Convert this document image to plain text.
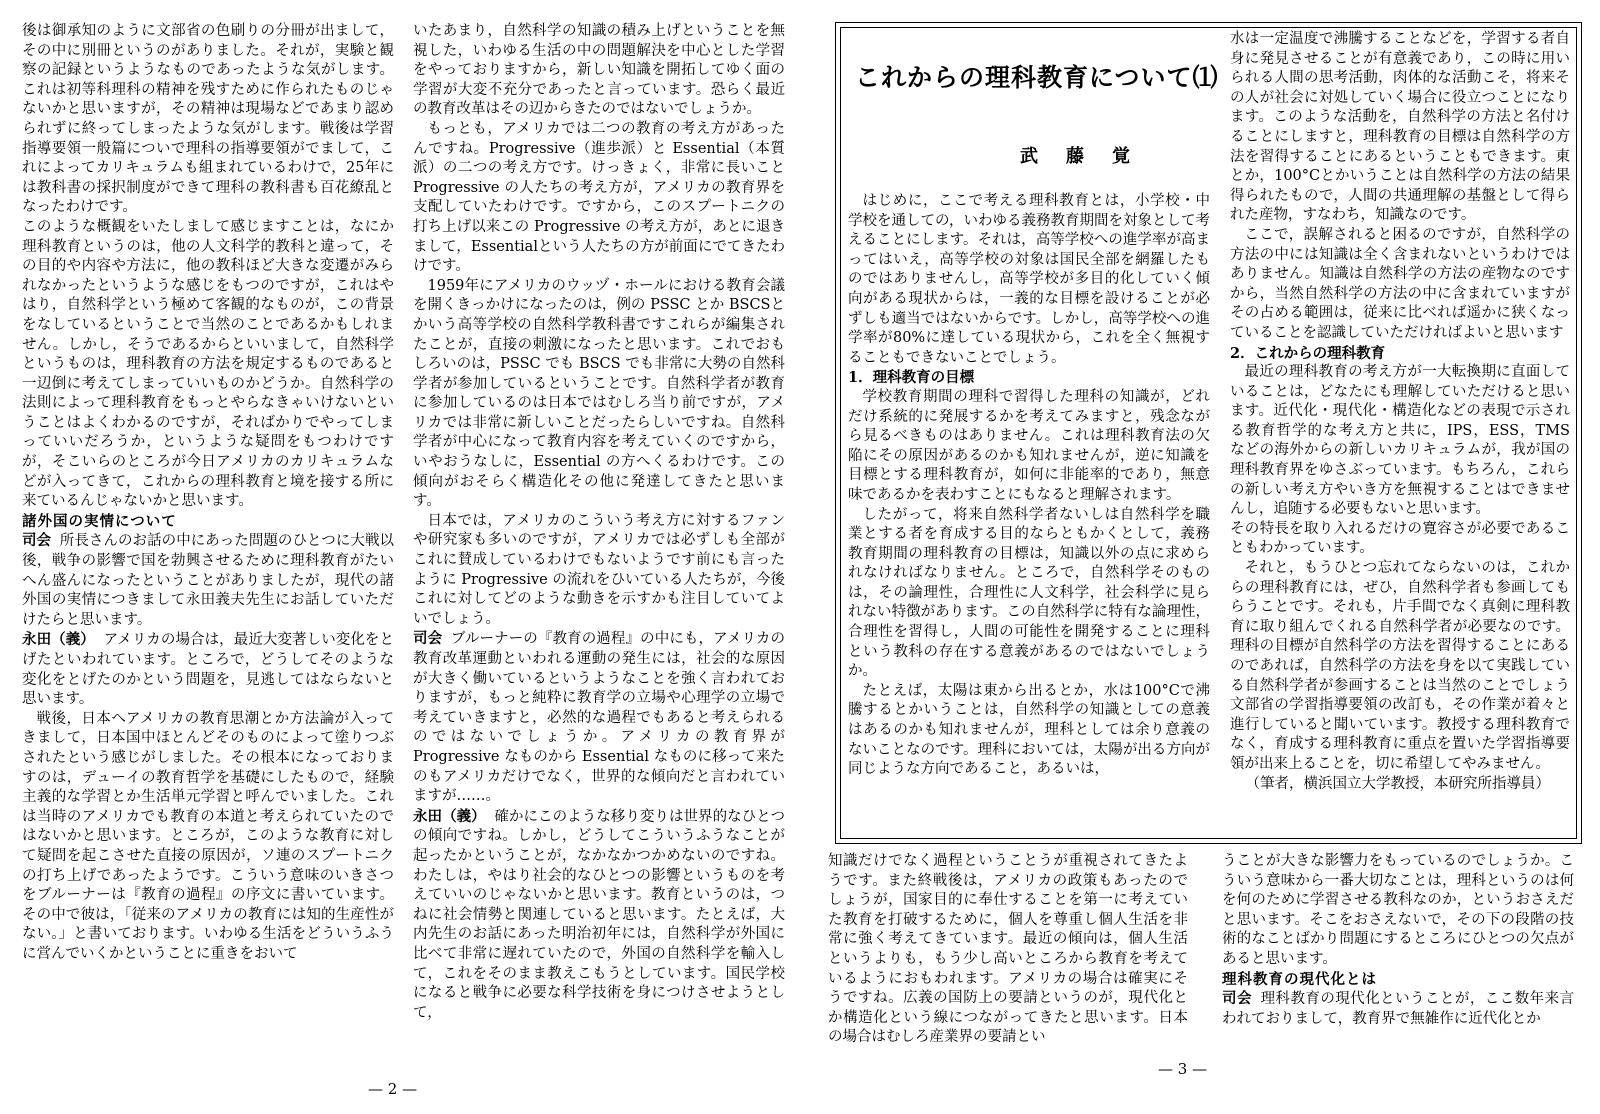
後は御承知のように文部省の色刷りの分冊が出まして，その中に別冊というのがありました。それが，実験と観察の記録というようなものであったような気がします。これは初等科理科の精神を残すために作られたものじゃないかと思いますが，その精神は現場などであまり認められずに終ってしまったような気がします。戦後は学習指導要領一般篇についで理科の指導要領がでまして，これによってカリキュラムも組まれているわけで，25年には教科書の採択制度ができて理科の教科書も百花繚乱となったわけです。

このような概観をいたしまして感じますことは，なにか理科教育というのは，他の人文科学的教科と違って，その目的や内容や方法に，他の教科ほど大きな変遷がみられなかったというような感じをもつのですが，これはやはり，自然科学という極めて客観的なものが，この背景をなしているということで当然のことであるかもしれません。しかし，そうであるからといいまして，自然科学というものは，理科教育の方法を規定するものであると一辺倒に考えてしまっていいものかどうか。自然科学の法則によって理科教育をもっとやらなきゃいけないということはよくわかるのですが，そればかりでやってしまっていいだろうか，というような疑問をもつわけですが，そこいらのところが今日アメリカのカリキュラムなどが入ってきて，これからの理科教育と境を接する所に来ているんじゃないかと思います。

諸外国の実情について

司会 所長さんのお話の中にあった問題のひとつに大戦以後，戦争の影響で国を勃興させるために理科教育がたいへん盛んになったということがありましたが，現代の諸外国の実情につきまして永田義夫先生にお話していただけたらと思います。

永田（義） アメリカの場合は，最近大変著しい変化をとげたといわれています。ところで，どうしてそのような変化をとげたのかという問題を，見逃してはならないと思います。

戦後，日本へアメリカの教育思潮とか方法論が入ってきまして，日本国中ほとんどそのものによって塗りつぶされたという感じがしました。その根本になっておりますのは，デューイの教育哲学を基礎にしたもので，経験主義的な学習とか生活単元学習と呼んでいました。これは当時のアメリカでも教育の本道と考えられていたのではないかと思います。ところが，このような教育に対して疑問を起こさせた直接の原因が，ソ連のスプートニクの打ち上げであったようです。こういう意味のいきさつをブルーナーは『教育の過程』の序文に書いています。その中で彼は，「従来のアメリカの教育には知的生産性がない。」と書いております。いわゆる生活をどういうふうに営んでいくかということに重きをおいて

いたあまり，自然科学の知識の積み上げということを無視した，いわゆる生活の中の問題解決を中心とした学習をやっておりますから，新しい知識を開拓してゆく面の学習が大変不充分であったと言っています。恐らく最近の教育改革はその辺からきたのではないでしょうか。

もっとも，アメリカでは二つの教育の考え方があったんですね。Progressive（進歩派）と Essential（本質派）の二つの考え方です。けっきょく，非常に長いこと Progressive の人たちの考え方が，アメリカの教育界を支配していたわけです。ですから，このスプートニクの打ち上げ以来この Progressive の考え方が，あとに退きまして，Essentialという人たちの方が前面にでてきたわけです。

1959年にアメリカのウッヅ・ホールにおける教育会議を開くきっかけになったのは，例の PSSC とか BSCSとかいう高等学校の自然科学教科書ですこれらが編集されたことが，直接の刺激になったと思います。これでおもしろいのは，PSSC でも BSCS でも非常に大勢の自然科学者が参加しているということです。自然科学者が教育に参加しているのは日本ではむしろ当り前ですが，アメリカでは非常に新しいことだったらしいですね。自然科学者が中心になって教育内容を考えていくのですから，いやおうなしに，Essential の方へくるわけです。この傾向がおそらく構造化その他に発達してきたと思います。

日本では，アメリカのこういう考え方に対するファンや研究家も多いのですが，アメリカでは必ずしも全部がこれに賛成しているわけでもないようです前にも言ったように Progressive の流れをひいている人たちが，今後これに対してどのような動きを示すかも注目していてよいでしょう。

司会 ブルーナーの『教育の過程』の中にも，アメリカの教育改革運動といわれる運動の発生には，社会的な原因が大きく働いているというようなことを強く言われておりますが，もっと純粋に教育学の立場や心理学の立場で考えていきますと，必然的な過程でもあると考えられるのではないでしょうか。アメリカの教育界が Progressive なものから Essential なものに移って来たのもアメリカだけでなく，世界的な傾向だと言われていますが……。

永田（義） 確かにこのような移り変りは世界的なひとつの傾向ですね。しかし，どうしてこういうふうなことが起ったかということが，なかなかつかめないのですね。わたしは，やはり社会的なひとつの影響というものを考えていいのじゃないかと思います。教育というのは，つねに社会情勢と関連していると思います。たとえば，大内先生のお話にあった明治初年には，自然科学が外国に比べて非常に遅れていたので，外国の自然科学を輸入して，これをそのまま教えこもうとしています。国民学校になると戦争に必要な科学技術を身につけさせようとして，

— 2 —
これからの理科教育について⑴
武藤覚

はじめに，ここで考える理科教育とは，小学校・中学校を通しての，いわゆる義務教育期間を対象として考えることにします。それは，高等学校への進学率が高まってはいえ，高等学校の対象は国民全部を網羅したものではありませんし，高等学校が多目的化していく傾向がある現状からは，一義的な目標を設けることが必ずしも適当ではないからです。しかし，高等学校への進学率が80%に達している現状から，これを全く無視することもできないことでしょう。

1．理科教育の目標

学校教育期間の理科で習得した理科の知識が，どれだけ系統的に発展するかを考えてみますと，残念ながら見るべきものはありません。これは理科教育法の欠陥にその原因があるのかも知れませんが，逆に知識を目標とする理科教育が，如何に非能率的であり，無意味であるかを表わすことにもなると理解されます。

したがって，将来自然科学者ないしは自然科学を職業とする者を育成する目的ならともかくとして，義務教育期間の理科教育の目標は，知識以外の点に求められなければなりません。ところで，自然科学そのものは，その論理性，合理性に人文科学，社会科学に見られない特徴があります。この自然科学に特有な論理性，合理性を習得し，人間の可能性を開発することに理科という教科の存在する意義があるのではないでしょうか。

たとえば，太陽は東から出るとか，水は100°Cで沸騰するとかいうことは，自然科学の知識としての意義はあるのかも知れませんが，理科としては余り意義のないことなのです。理科においては，太陽が出る方向が同じような方向であること，あるいは，

水は一定温度で沸騰することなどを，学習する者自身に発見させることが有意義であり，この時に用いられる人間の思考活動，肉体的な活動こそ，将来その人が社会に対処していく場合に役立つことになります。このような活動を，自然科学の方法と名付けることにしますと，理科教育の目標は自然科学の方法を習得することにあるということもできます。東とか，100°Cとかいうことは自然科学の方法の結果得られたもので，人間の共通理解の基盤として得られた産物，すなわち，知識なのです。

ここで，誤解されると困るのですが，自然科学の方法の中には知識は全く含まれないというわけではありません。知識は自然科学の方法の産物なのですから，当然自然科学の方法の中に含まれていますがその占める範囲は，従来に比べれば遥かに狭くなっていることを認識していただければよいと思います

2．これからの理科教育

最近の理科教育の考え方が一大転換期に直面していることは，どなたにも理解していただけると思います。近代化・現代化・構造化などの表現で示される教育哲学的な考え方と共に，IPS，ESS，TMS などの海外からの新しいカリキュラムが，我が国の理科教育界をゆさぶっています。もちろん，これらの新しい考え方やいき方を無視することはできませんし，追随する必要もないと思います。

その特長を取り入れるだけの寛容さが必要であることもわかっています。

それと，もうひとつ忘れてならないのは，これからの理科教育には，ぜひ，自然科学者も参画してもらうことです。それも，片手間でなく真剣に理科教育に取り組んでくれる自然科学者が必要なのです。理科の目標が自然科学の方法を習得することにあるのであれば，自然科学の方法を身を以て実践している自然科学者が参画することは当然のことでしょう文部省の学習指導要領の改訂も，その作業が着々と進行していると聞いています。教授する理科教育でなく，育成する理科教育に重点を置いた学習指導要領が出来上ることを，切に希望してやみません。

（筆者，横浜国立大学教授，本研究所指導員）

知識だけでなく過程ということうが重視されてきたようです。また終戦後は，アメリカの政策もあったのでしょうが，国家目的に奉仕することを第一に考えていた教育を打破するために，個人を尊重し個人生活を非常に強く考えてきています。最近の傾向は，個人生活というよりも，もう少し高いところから教育を考えているようにおもわれます。アメリカの場合は確実にそうですね。広義の国防上の要請というのが，現代化とか構造化という線につながってきたと思います。日本の場合はむしろ産業界の要請とい

うことが大きな影響力をもっているのでしょうか。こういう意味から一番大切なことは，理科というのは何を何のために学習させる教科なのか，というおさえだと思います。そこをおさえないで，その下の段階の技術的なことばかり問題にするところにひとつの欠点があると思います。

理科教育の現代化とは

司会 理科教育の現代化ということが，ここ数年来言われておりまして，教育界で無雑作に近代化とか

— 3 —
